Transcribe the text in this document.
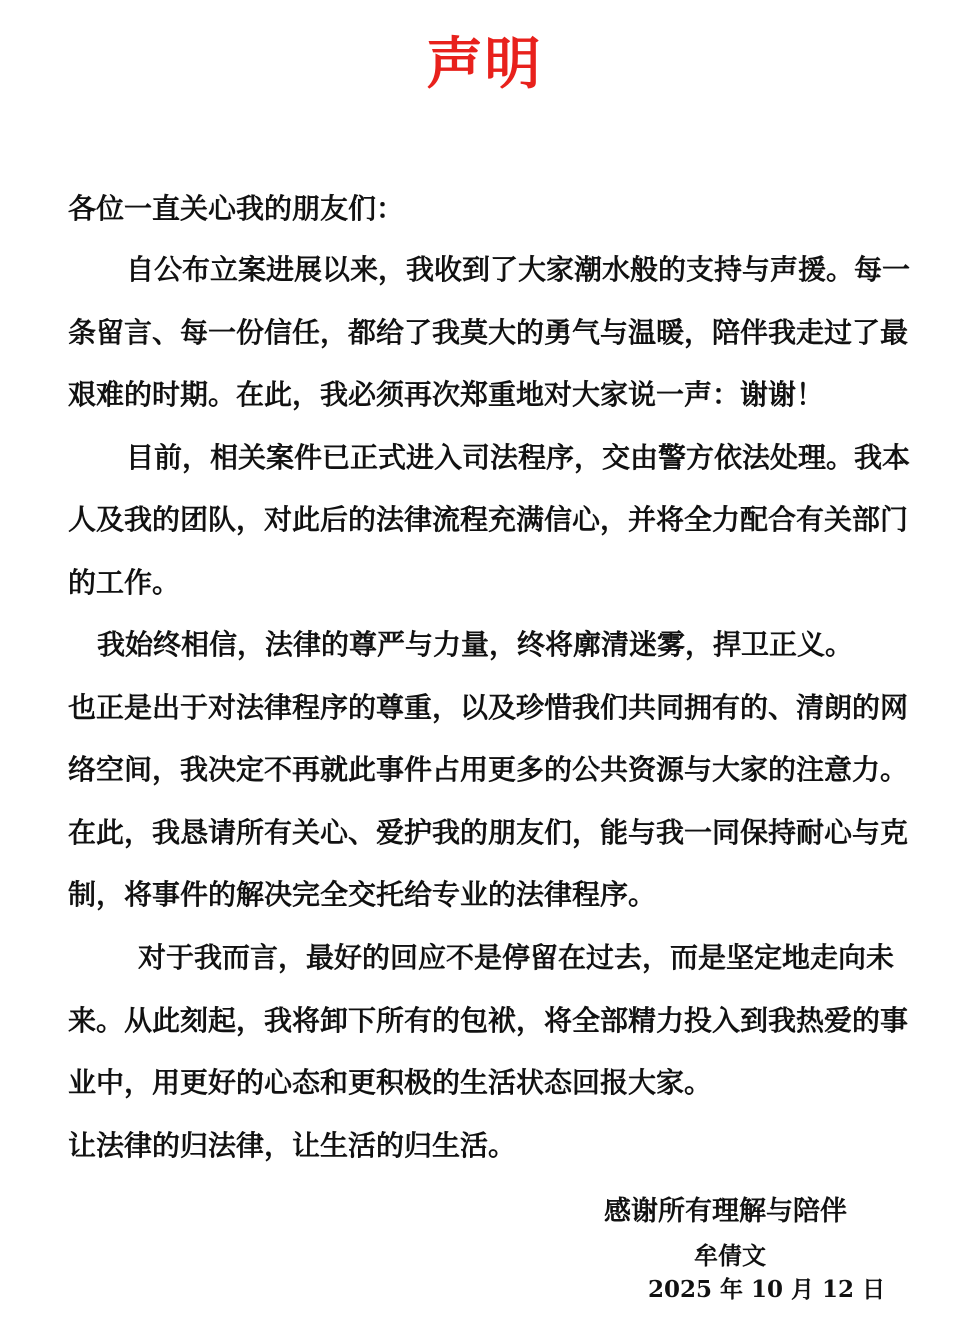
声明
各位一直关心我的朋友们：
自公布立案进展以来，我收到了大家潮水般的支持与声援。每一
条留言、每一份信任，都给了我莫大的勇气与温暖，陪伴我走过了最
艰难的时期。在此，我必须再次郑重地对大家说一声：谢谢！
目前，相关案件已正式进入司法程序，交由警方依法处理。我本
人及我的团队，对此后的法律流程充满信心，并将全力配合有关部门
的工作。
我始终相信，法律的尊严与力量，终将廓清迷雾，捍卫正义。
也正是出于对法律程序的尊重，以及珍惜我们共同拥有的、清朗的网
络空间，我决定不再就此事件占用更多的公共资源与大家的注意力。
在此，我恳请所有关心、爱护我的朋友们，能与我一同保持耐心与克
制，将事件的解决完全交托给专业的法律程序。
对于我而言，最好的回应不是停留在过去，而是坚定地走向未
来。从此刻起，我将卸下所有的包袱，将全部精力投入到我热爱的事
业中，用更好的心态和更积极的生活状态回报大家。
让法律的归法律，让生活的归生活。
感谢所有理解与陪伴
牟倩文
2025 年 10 月 12 日
